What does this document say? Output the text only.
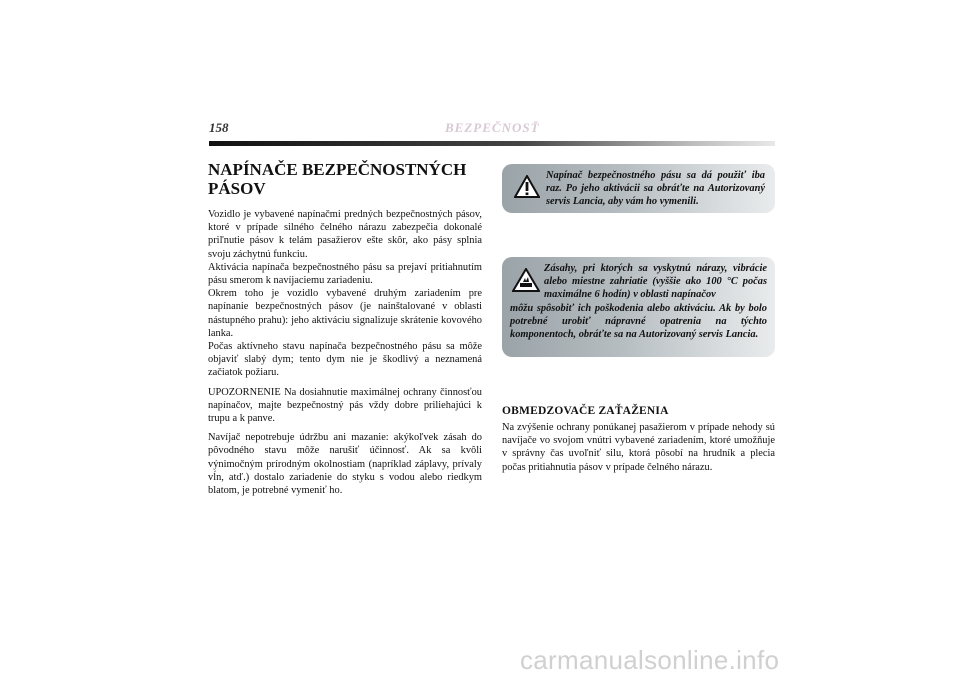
158	BEZPEČNOSŤ
NAPÍNAČE BEZPEČNOSTNÝCH
PÁSOV

Vozidlo je vybavené napínačmi predných bezpečnostných pásov, ktoré v prípade silného čelného nárazu zabezpečia dokonalé priľnutie pásov k telám pasažierov ešte skôr, ako pásy splnia svoju záchytnú funkciu.

Aktivácia napínača bezpečnostného pásu sa prejaví pritiahnutím pásu smerom k navíjaciemu zariadeniu.

Okrem toho je vozidlo vybavené druhým zariadením pre napínanie bezpečnostných pásov (je nainštalované v oblasti nástupného prahu): jeho aktiváciu signalizuje skrátenie kovového lanka.

Počas aktívneho stavu napínača bezpečnostného pásu sa môže objaviť slabý dym; tento dym nie je škodlivý a neznamená začiatok požiaru.

UPOZORNENIE Na dosiahnutie maximálnej ochrany činnosťou napínačov, majte bezpečnostný pás vždy dobre priliehajúci k trupu a k panve.

Navíjač nepotrebuje údržbu ani mazanie: akýkoľvek zásah do pôvodného stavu môže narušiť účinnosť. Ak sa kvôli výnimočným prírodným okolnostiam (napríklad záplavy, prívaly vĺn, atď.) dostalo zariadenie do styku s vodou alebo riedkym blatom, je potrebné vymeniť ho.

Napínač bezpečnostného pásu sa dá použiť iba raz. Po jeho aktivácii sa obráťte na Autorizovaný servis Lancia, aby vám ho vymenili.

Zásahy, pri ktorých sa vyskytnú nárazy, vibrácie alebo miestne zahriatie (vyššie ako 100 °C počas maximálne 6 hodín) v oblasti napínačov

môžu spôsobiť ich poškodenia alebo aktiváciu. Ak by bolo potrebné urobiť nápravné opatrenia na týchto komponentoch, obráťte sa na Autorizovaný servis Lancia.

OBMEDZOVAČE ZAŤAŽENIA

Na zvýšenie ochrany ponúkanej pasažierom v prípade nehody sú navíjače vo svojom vnútri vybavené zariadením, ktoré umožňuje v správny čas uvoľniť silu, ktorá pôsobí na hrudník a plecia počas pritiahnutia pásov v prípade čelného nárazu.

carmanualsonline.info
